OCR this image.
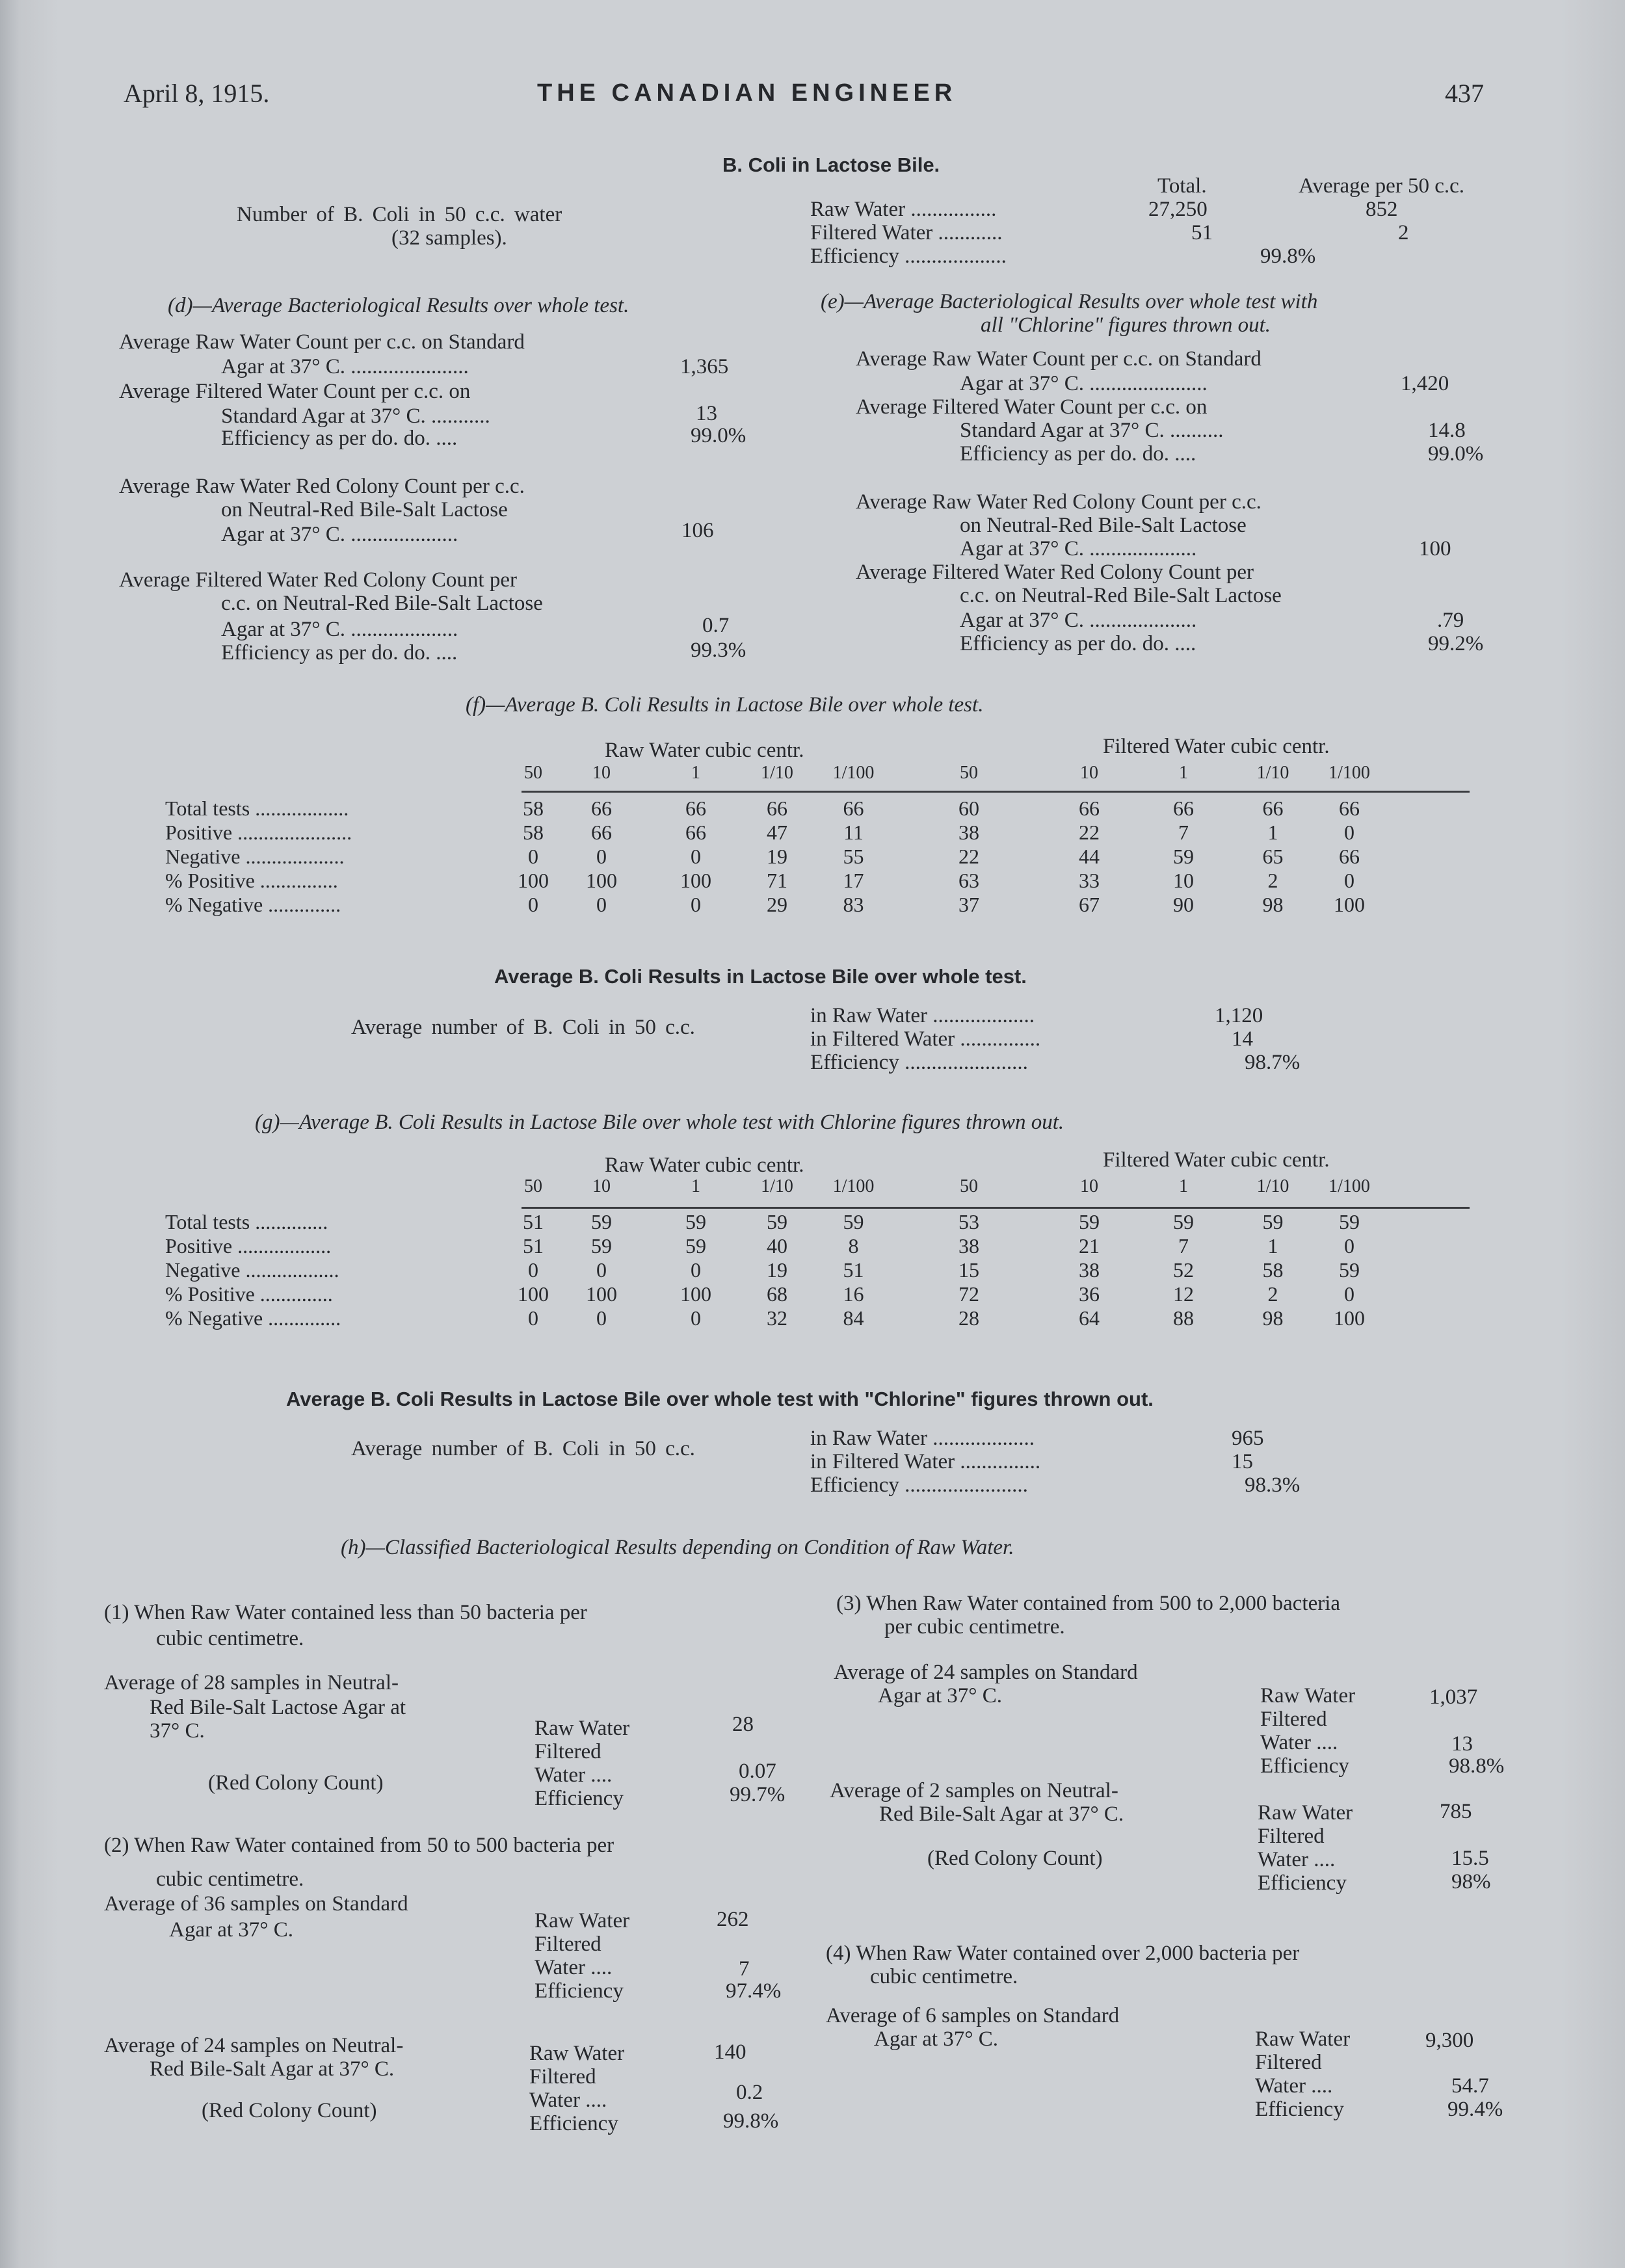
April 8, 1915.	THE CANADIAN ENGINEER	437
B. Coli in Lactose Bile.
Number of B. Coli in 50 c.c. water
(32 samples).
Total.	Average per 50 c.c.
Raw Water ................	27,250	852
Filtered Water ............	51	2
Efficiency ...................	99.8%
(d)—Average Bacteriological Results over whole test.
Average Raw Water Count per c.c. on Standard
Agar at 37° C. ......................	1,365
Average Filtered Water Count per c.c. on
Standard Agar at 37° C. ...........	13
Efficiency as per do. do. ....	99.0%
Average Raw Water Red Colony Count per c.c.
on Neutral-Red Bile-Salt Lactose
Agar at 37° C. ....................	106
Average Filtered Water Red Colony Count per
c.c. on Neutral-Red Bile-Salt Lactose
Agar at 37° C. ....................	0.7
Efficiency as per do. do. ....	99.3%
(e)—Average Bacteriological Results over whole test with
all "Chlorine" figures thrown out.
Average Raw Water Count per c.c. on Standard
Agar at 37° C. ......................	1,420
Average Filtered Water Count per c.c. on
Standard Agar at 37° C. ..........	14.8
Efficiency as per do. do. ....	99.0%
Average Raw Water Red Colony Count per c.c.
on Neutral-Red Bile-Salt Lactose
Agar at 37° C. ....................	100
Average Filtered Water Red Colony Count per
c.c. on Neutral-Red Bile-Salt Lactose
Agar at 37° C. ....................	.79
Efficiency as per do. do. ....	99.2%
(f)—Average B. Coli Results in Lactose Bile over whole test.
Raw Water cubic centr.	Filtered Water cubic centr.
	50	10	1	1/10	1/100	50	10	1	1/10	1/100

Total tests ..................	58	66	66	66	66	60	66	66	66	66
Positive ......................	58	66	66	47	11	38	22	7	1	0
Negative ...................	0	0	0	19	55	22	44	59	65	66
% Positive ...............	100	100	100	71	17	63	33	10	2	0
% Negative ..............	0	0	0	29	83	37	67	90	98	100
Average B. Coli Results in Lactose Bile over whole test.
Average number of B. Coli in 50 c.c.	in Raw Water ...................	1,120
in Filtered Water ...............	14
Efficiency .......................	98.7%
(g)—Average B. Coli Results in Lactose Bile over whole test with Chlorine figures thrown out.
Raw Water cubic centr.	Filtered Water cubic centr.
	50	10	1	1/10	1/100	50	10	1	1/10	1/100

Total tests ..............	51	59	59	59	59	53	59	59	59	59
Positive ..................	51	59	59	40	8	38	21	7	1	0
Negative ..................	0	0	0	19	51	15	38	52	58	59
% Positive ..............	100	100	100	68	16	72	36	12	2	0
% Negative ..............	0	0	0	32	84	28	64	88	98	100
Average B. Coli Results in Lactose Bile over whole test with "Chlorine" figures thrown out.
Average number of B. Coli in 50 c.c.	in Raw Water ...................	965
in Filtered Water ...............	15
Efficiency .......................	98.3%
(h)—Classified Bacteriological Results depending on Condition of Raw Water.
(1) When Raw Water contained less than 50 bacteria per
cubic centimetre.
Average of 28 samples in Neutral-
Red Bile-Salt Lactose Agar at
37° C.
(Red Colony Count)
Raw Water	28
Filtered
Water ....	0.07
Efficiency	99.7%
(2) When Raw Water contained from 50 to 500 bacteria per
cubic centimetre.
Average of 36 samples on Standard
Agar at 37° C.	Raw Water	262
Filtered
Water ....	7
Efficiency	97.4%
Average of 24 samples on Neutral-
Red Bile-Salt Agar at 37° C.
(Red Colony Count)
Raw Water	140
Filtered
Water ....	0.2
Efficiency	99.8%
(3) When Raw Water contained from 500 to 2,000 bacteria
per cubic centimetre.
Average of 24 samples on Standard
Agar at 37° C.	Raw Water	1,037
Filtered
Water ....	13
Efficiency	98.8%
Average of 2 samples on Neutral-
Red Bile-Salt Agar at 37° C.
(Red Colony Count)
Raw Water	785
Filtered
Water ....	15.5
Efficiency	98%
(4) When Raw Water contained over 2,000 bacteria per
cubic centimetre.
Average of 6 samples on Standard
Agar at 37° C.	Raw Water	9,300
Filtered
Water ....	54.7
Efficiency	99.4%
